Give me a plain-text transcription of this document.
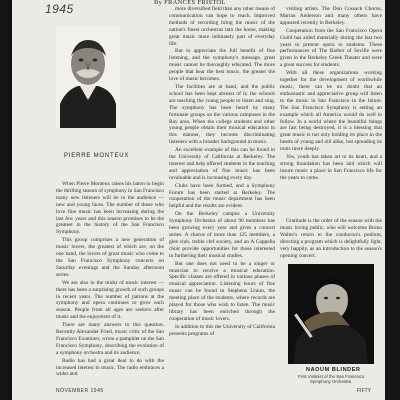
1945	By FRANCES FRISTOL
PIERRE MONTEUX

When Pierre Monteux raises his baton to begin the thrilling season of symphony in San Francisco many new listeners will be in the audience — new and young faces. The number of those who love fine music has been increasing during the last few years and this season promises to be the greatest in the history of the San Francisco Symphony.

This group comprises a new generation of music lovers, the greatest of which are, on the one hand, the lovers of great music who come to the San Francisco Symphony concerts on Saturday evenings and the Sunday afternoon series.

We are also in the midst of music interest — there has been a surprising growth of such groups in recent years. The number of patrons at the symphony and opera continues to grow each season. People from all ages are seekers after music and the enjoyment of it.

There are many answers to this question. Recently Alexander Fried, music critic of the San Francisco Examiner, wrote a pamphlet on the San Francisco Symphony, describing the evolution of a symphony orchestra and its audience.

Radio has had a great deal to do with the increased interest in music. The radio embraces a wider and

more diversified field than any other means of communication can hope to reach. Improved methods of recording bring the music of the nation's finest orchestras into the home, making great music more intimately part of everyday life.

But to appreciate the full benefit of fine listening, and the symphony's message, great music cannot be thoroughly educated. The more people that hear the best music, the greater the love of music becomes.

The facilities are at hand, and the public school has been kept abreast of it; the schools are teaching the young people to listen and sing. The symphony has been heard by many fortunate groups on the various campuses in the Bay area. When the college students and other young people obtain their musical education in this manner, they become discriminating listeners with a broader background in music.

An excellent example of this can be found in the University of California at Berkeley. The interest and help offered students in the teaching and appreciation of fine music has been invaluable and is increasing every day.

Clubs have been formed, and a Symphony Forum has been started at Berkeley. The cooperation of the music department has been helpful and the results are evident.

On the Berkeley campus a University Symphony Orchestra of about 90 members has been growing every year and gives a concert series. A chorus of more than 125 members, a glee club, treble clef society, and an A Cappella choir provide opportunities for those interested in furthering their musical studies.

But one does not need to be a singer or musician to receive a musical education. Specific classes are offered in various phases of musical appreciation. Listening hours of fine music can be found in Stephens Union, the meeting place of the students, where records are played for those who wish to listen. The music library has been enriched through the cooperation of music lovers.

In addition to this the University of California presents programs of

visiting artists. The Don Cossack Chorus, Marian Anderson and many others have appeared recently in Berkeley.

Cooperation from the San Francisco Opera Guild has aided materially during the last two years to present opera to students. These performances of The Barber of Seville were given in the Berkeley Greek Theater and were a great success for students.

With all these organizations working together for the development of worthwhile music, there can be no doubt that an enthusiastic and appreciative group will listen to the music in San Francisco in the future. The San Francisco Symphony is setting an example which all America would do well to follow. In a world where the beautiful things are fast being destroyed, it is a blessing that great music is not only holding its place in the hearts of young and old alike, but spreading its roots more deeply.

Yes, youth has taken art to its heart, and a strong foundation has been laid which will insure music a place in San Francisco life for the years to come.

Gratitude is the order of the season with the music loving public, who will welcome Bruno Walter's return to the conductor's podium, directing a program which is delightfully light, very happily, as an introduction to the season's opening concert.

NAOUM BLINDER
First Violinist of the San Francisco
Symphony Orchestra
NOVEMBER 1945	FIFTY
